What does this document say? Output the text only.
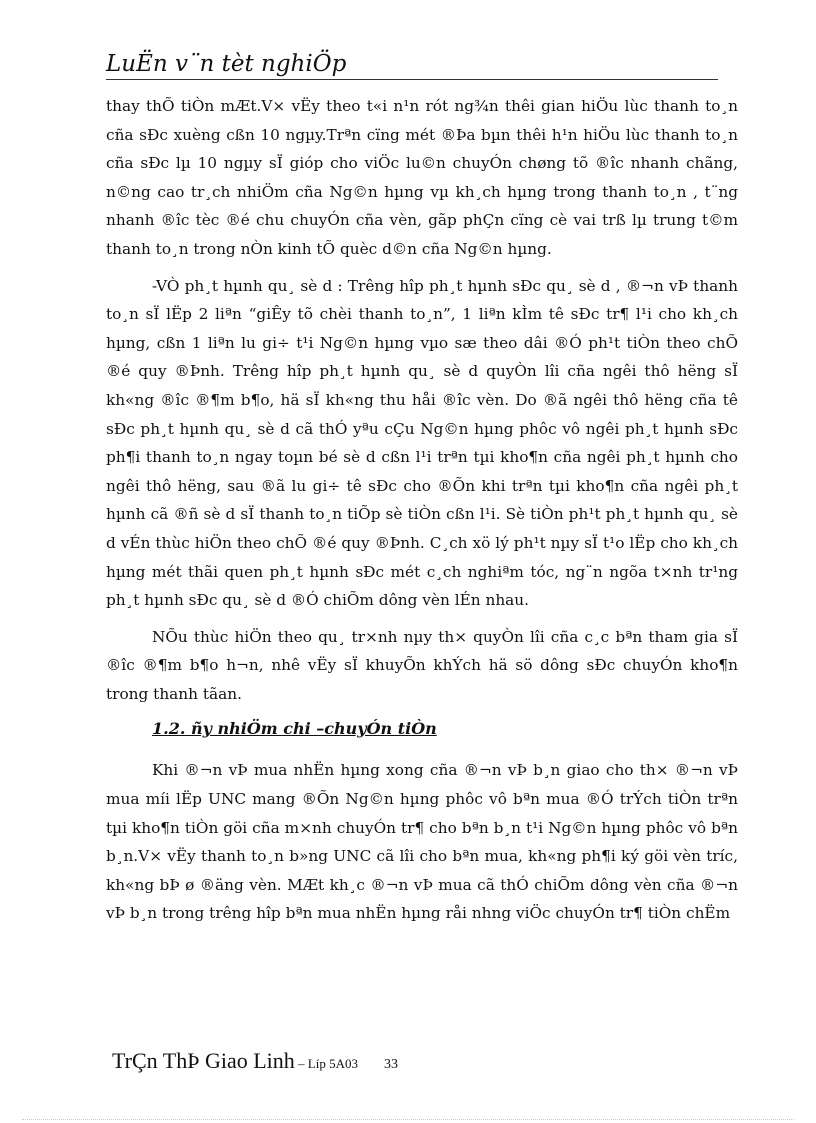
LuËn v¨n tèt nghiÖp

thay thÕ tiÒn mÆt.V× vËy theo t«i n¹n rót ng¾n thêi gian hiÖu lùc thanh to¸n cña sÐc xuèng cßn 10 ngµy.Trªn cïng mét ®Þa bµn thêi h¹n hiÖu lùc thanh to¸n cña sÐc lµ 10 ngµy sÏ gióp cho viÖc lu©n chuyÓn chøng tõ ®îc nhanh chãng, n©ng cao tr¸ch nhiÖm cña Ng©n hµng vµ kh¸ch hµng trong thanh to¸n , t¨ng nhanh ®îc tèc ®é chu chuyÓn cña vèn, gãp phÇn cïng cè vai trß lµ trung t©m thanh to¸n trong nÒn kinh tÕ quèc d©n cña Ng©n hµng.

-VÒ ph¸t hµnh qu¸ sè d : Trêng hîp ph¸t hµnh sÐc qu¸ sè d , ®¬n vÞ thanh to¸n sÏ lËp 2 liªn “giÊy tõ chèi thanh to¸n”, 1 liªn kÌm tê sÐc tr¶ l¹i cho kh¸ch hµng, cßn 1 liªn lu gi÷ t¹i Ng©n hµng vµo sæ theo dâi ®Ó ph¹t tiÒn theo chÕ ®é quy ®Þnh. Trêng hîp ph¸t hµnh qu¸ sè d quyÒn lîi cña ngêi thô hëng sÏ kh«ng ®îc ®¶m b¶o, hä sÏ kh«ng thu håi ®îc vèn. Do ®ã ngêi thô hëng cña tê sÐc ph¸t hµnh qu¸ sè d cã thÓ yªu cÇu Ng©n hµng phôc vô ngêi ph¸t hµnh sÐc ph¶i thanh to¸n ngay toµn bé sè d cßn l¹i trªn tµi kho¶n cña ngêi ph¸t hµnh cho ngêi thô hëng, sau ®ã lu gi÷ tê sÐc cho ®Õn khi trªn tµi kho¶n cña ngêi ph¸t hµnh cã ®ñ sè d sÏ thanh to¸n tiÕp sè tiÒn cßn l¹i. Sè tiÒn ph¹t ph¸t hµnh qu¸ sè d vÉn thùc hiÖn theo chÕ ®é quy ®Þnh. C¸ch xö lý ph¹t nµy sÏ t¹o lËp cho kh¸ch hµng mét thãi quen ph¸t hµnh sÐc mét c¸ch nghiªm tóc, ng¨n ngõa t×nh tr¹ng ph¸t hµnh sÐc qu¸ sè d ®Ó chiÕm dông vèn lÉn nhau.

NÕu thùc hiÖn theo qu¸ tr×nh nµy th× quyÒn lîi cña c¸c bªn tham gia sÏ ®îc ®¶m b¶o h¬n, nhê vËy sÏ khuyÕn khÝch hä sö dông sÐc chuyÓn kho¶n trong thanh tãan.

1.2. ñy nhiÖm chi –chuyÓn tiÒn

Khi ®¬n vÞ mua nhËn hµng xong cña ®¬n vÞ b¸n giao cho th× ®¬n vÞ mua míi lËp UNC mang ®Õn Ng©n hµng phôc vô bªn mua ®Ó trÝch tiÒn trªn tµi kho¶n tiÒn göi cña m×nh chuyÓn tr¶ cho bªn b¸n t¹i Ng©n hµng phôc vô bªn b¸n.V× vËy thanh to¸n b»ng UNC cã lîi cho bªn mua, kh«ng ph¶i ký göi vèn tríc, kh«ng bÞ ø ®äng vèn. MÆt kh¸c ®¬n vÞ mua cã thÓ chiÕm dông vèn cña ®¬n vÞ b¸n trong trêng hîp bªn mua nhËn hµng råi nhng viÖc chuyÓn tr¶ tiÒn chËm

TrÇn ThÞ Giao Linh – Líp 5A03 33
